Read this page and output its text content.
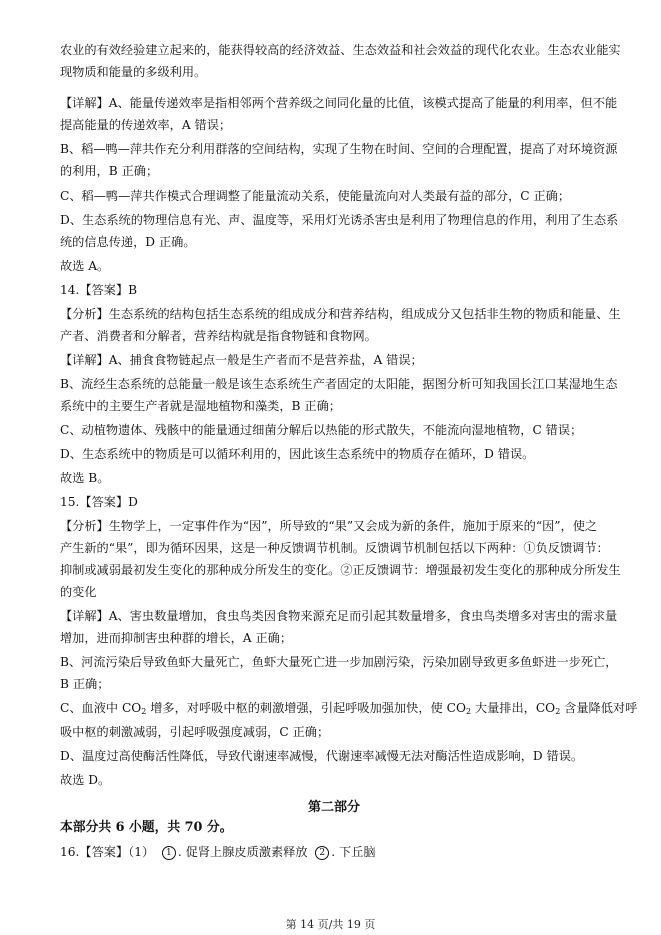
农业的有效经验建立起来的，能获得较高的经济效益、生态效益和社会效益的现代化农业。生态农业能实
现物质和能量的多级利用。
【详解】A、能量传递效率是指相邻两个营养级之间同化量的比值，该模式提高了能量的利用率，但不能
提高能量的传递效率，A 错误；
B、稻—鸭—萍共作充分利用群落的空间结构，实现了生物在时间、空间的合理配置，提高了对环境资源
的利用，B 正确；
C、稻—鸭—萍共作模式合理调整了能量流动关系，使能量流向对人类最有益的部分，C 正确；
D、生态系统的物理信息有光、声、温度等，采用灯光诱杀害虫是利用了物理信息的作用，利用了生态系
统的信息传递，D 正确。
故选 A。
14.【答案】B
【分析】生态系统的结构包括生态系统的组成成分和营养结构，组成成分又包括非生物的物质和能量、生
产者、消费者和分解者，营养结构就是指食物链和食物网。
【详解】A、捕食食物链起点一般是生产者而不是营养盐，A 错误；
B、流经生态系统的总能量一般是该生态系统生产者固定的太阳能，据图分析可知我国长江口某湿地生态
系统中的主要生产者就是湿地植物和藻类，B 正确；
C、动植物遗体、残骸中的能量通过细菌分解后以热能的形式散失，不能流向湿地植物，C 错误；
D、生态系统中的物质是可以循环利用的，因此该生态系统中的物质存在循环，D 错误。
故选 B。
15.【答案】D
【分析】生物学上，一定事件作为“因”，所导致的“果”又会成为新的条件，施加于原来的“因”，使之
产生新的“果”，即为循环因果，这是一种反馈调节机制。反馈调节机制包括以下两种：①负反馈调节：
抑制或减弱最初发生变化的那种成分所发生的变化。②正反馈调节：增强最初发生变化的那种成分所发生
的变化
【详解】A、害虫数量增加，食虫鸟类因食物来源充足而引起其数量增多，食虫鸟类增多对害虫的需求量
增加，进而抑制害虫种群的增长，A 正确；
B、河流污染后导致鱼虾大量死亡，鱼虾大量死亡进一步加剧污染，污染加剧导致更多鱼虾进一步死亡，
B 正确；
C、血液中 $CO_2$ 增多，对呼吸中枢的刺激增强，引起呼吸加强加快，使 $CO_2$ 大量排出，$CO_2$ 含量降低对呼
吸中枢的刺激减弱，引起呼吸强度减弱，C 正确；
D、温度过高使酶活性降低，导致代谢速率减慢，代谢速率减慢无法对酶活性造成影响，D 错误。
故选 D。
第二部分
本部分共 6 小题，共 70 分。
16.【答案】（1） 1 . 促肾上腺皮质激素释放 2 . 下丘脑
第 14 页/共 19 页
